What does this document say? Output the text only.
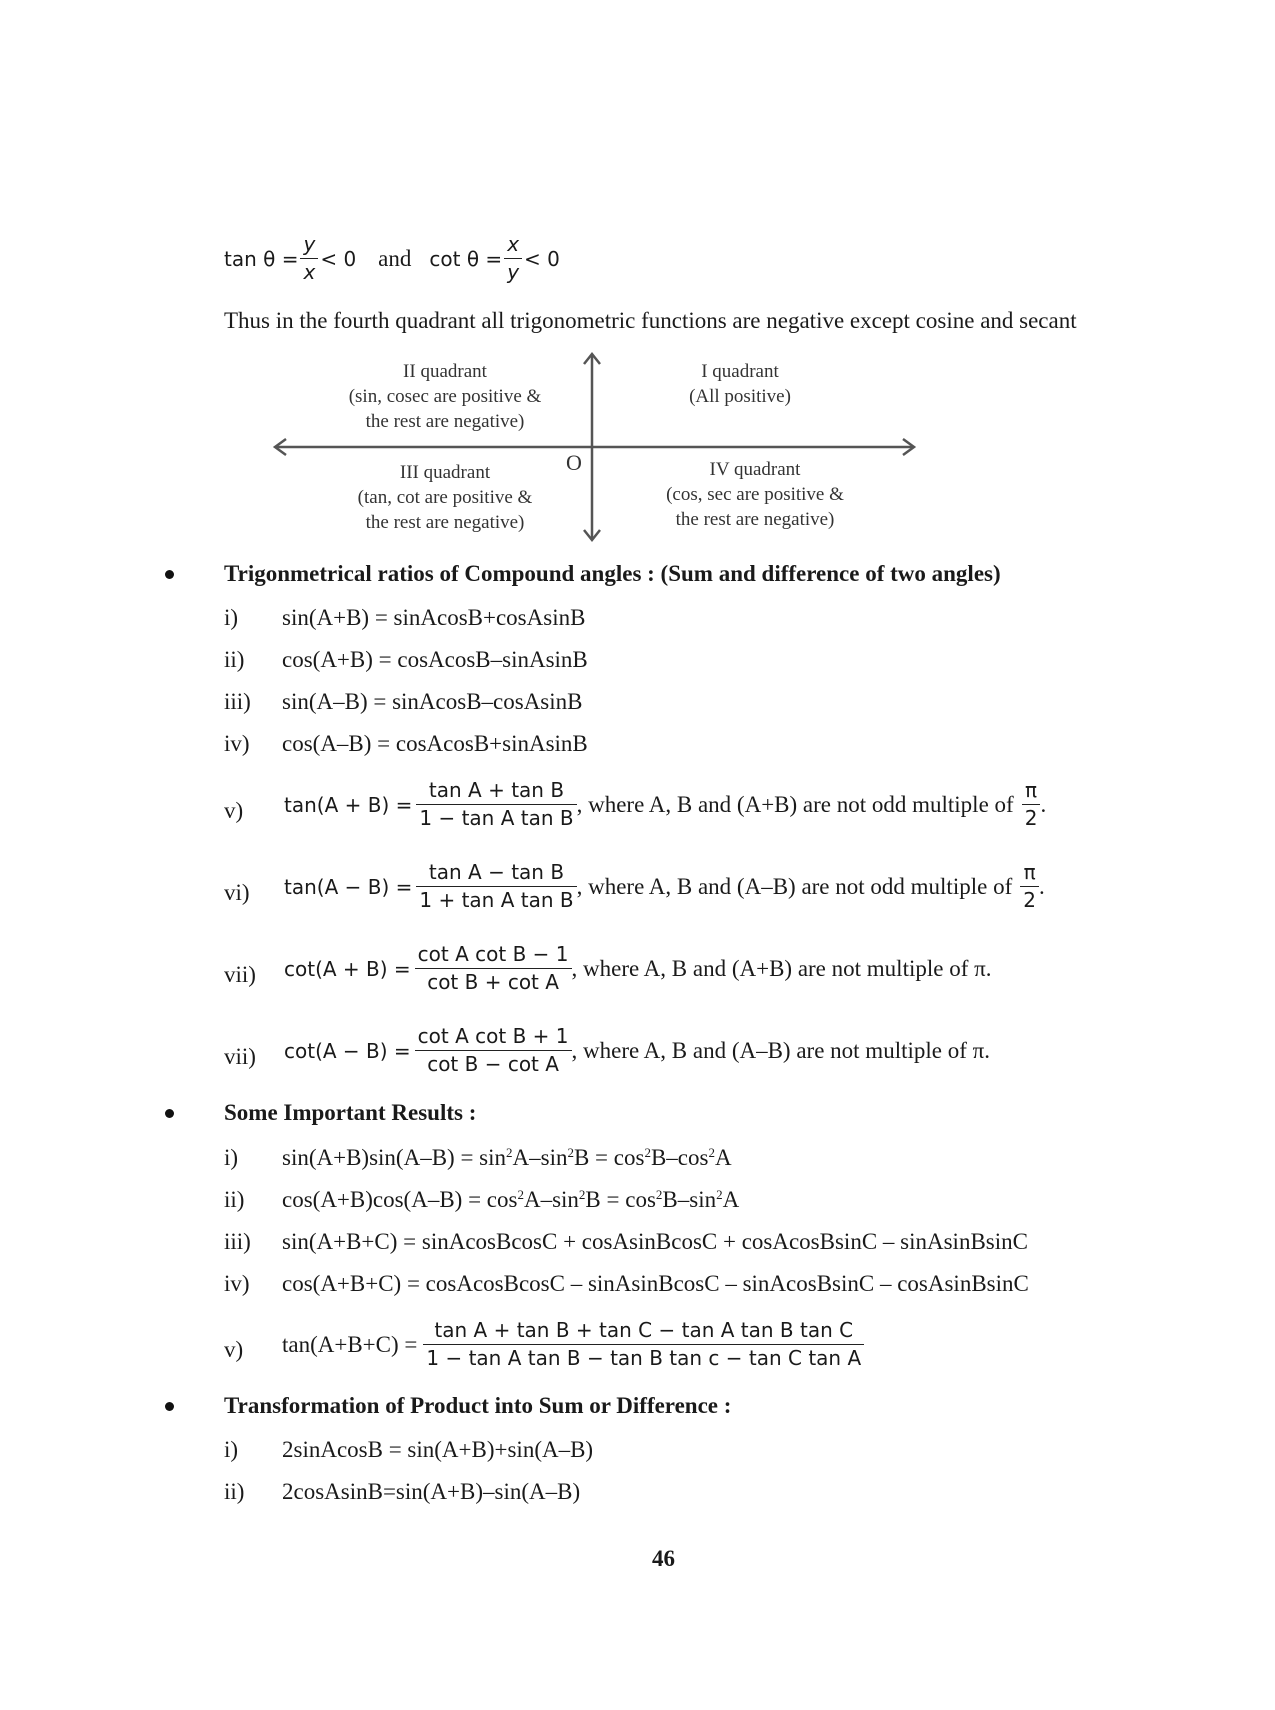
$\tan \theta = \frac{y}{x} < 0$ and $\cot \theta = \frac{x}{y} < 0$
Thus in the fourth quadrant all trigonometric functions are negative except cosine and secant
O
II quadrant
(sin, cosec are positive &
the rest are negative)
I quadrant
(All positive)
III quadrant
(tan, cot are positive &
the rest are negative)
IV quadrant
(cos, sec are positive &
the rest are negative)
Trigonmetrical ratios of Compound angles : (Sum and difference of two angles)
i) sin(A+B) = sinAcosB+cosAsinB
ii) cos(A+B) = cosAcosB–sinAsinB
iii) sin(A–B) = sinAcosB–cosAsinB
iv) cos(A–B) = cosAcosB+sinAsinB
v) $\tan(A + B) = \frac{\text{tan A + tan B}}{\text{1 − tan A tan B}}$ , where A, B and (A+B) are not odd multiple of $\frac{\pi}{2}$ .
vi) $\tan(A - B) = \frac{\text{tan A − tan B}}{\text{1 + tan A tan B}}$ , where A, B and (A–B) are not odd multiple of $\frac{\pi}{2}$ .
vii) $\cot(A + B) = \frac{\text{cot A cot B − 1}}{\text{cot B + cot A}}$ , where A, B and (A+B) are not multiple of π.
vii) $\cot(A - B) = \frac{\text{cot A cot B + 1}}{\text{cot B − cot A}}$ , where A, B and (A–B) are not multiple of π.
Some Important Results :
i) $\sin(A+B)\sin(A-B) = \sin^2A-\sin^2B = \cos^2B-\cos^2A$
ii) $\cos(A+B)\cos(A-B) = \cos^2A-\sin^2B = \cos^2B-\sin^2A$
iii) sin(A+B+C) = sinAcosBcosC + cosAsinBcosC + cosAcosBsinC – sinAsinBsinC
iv) cos(A+B+C) = cosAcosBcosC – sinAsinBcosC – sinAcosBsinC – cosAsinBsinC
v) $\tan(A+B+C) = \frac{\text{tan A + tan B + tan C − tan A tan B tan C}}{\text{1 − tan A tan B − tan B tan c − tan C tan A}}$
Transformation of Product into Sum or Difference :
i) 2sinAcosB = sin(A+B)+sin(A–B)
ii) 2cosAsinB=sin(A+B)–sin(A–B)
46
